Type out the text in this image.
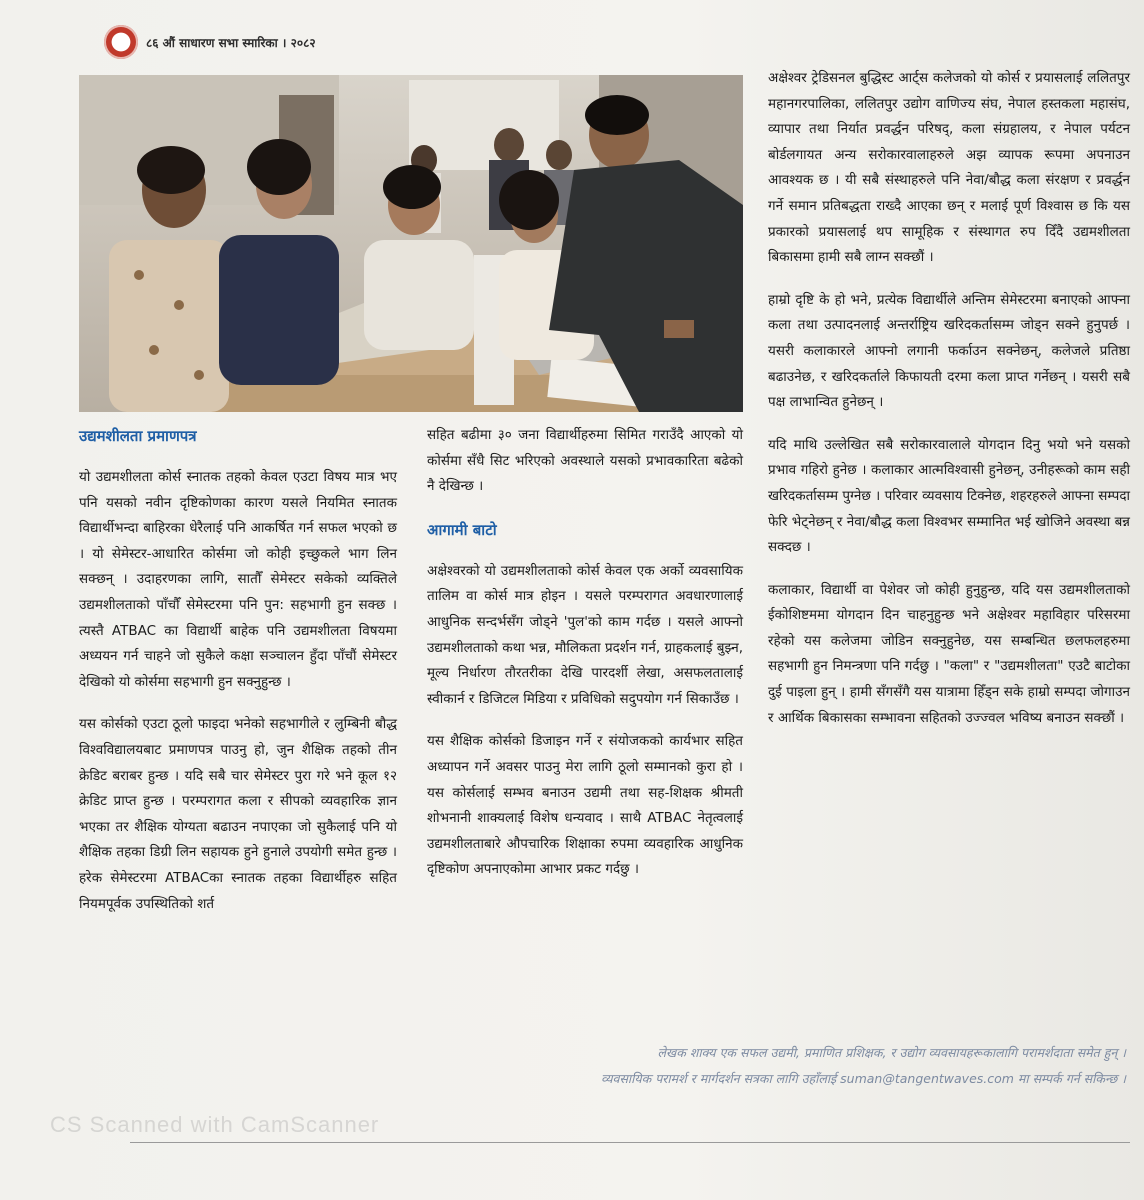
८६ औं साधारण सभा स्मारिका । २०८२
उद्यमशीलता प्रमाणपत्र

यो उद्यमशीलता कोर्स स्नातक तहको केवल एउटा विषय मात्र भए पनि यसको नवीन दृष्टिकोणका कारण यसले नियमित स्नातक विद्यार्थीभन्दा बाहिरका धेरैलाई पनि आकर्षित गर्न सफल भएको छ । यो सेमेस्टर-आधारित कोर्समा जो कोही इच्छुकले भाग लिन सक्छन् । उदाहरणका लागि, सातौँ सेमेस्टर सकेको व्यक्तिले उद्यमशीलताको पाँचौँ सेमेस्टरमा पनि पुन: सहभागी हुन सक्छ । त्यस्तै ATBAC का विद्यार्थी बाहेक पनि उद्यमशीलता विषयमा अध्ययन गर्न चाहने जो सुकैले कक्षा सञ्चालन हुँदा पाँचौं सेमेस्टर देखिको यो कोर्समा सहभागी हुन सक्नुहुन्छ ।

यस कोर्सको एउटा ठूलो फाइदा भनेको सहभागीले र लुम्बिनी बौद्ध विश्वविद्यालयबाट प्रमाणपत्र पाउनु हो, जुन शैक्षिक तहको तीन क्रेडिट बराबर हुन्छ । यदि सबै चार सेमेस्टर पुरा गरे भने कूल १२ क्रेडिट प्राप्त हुन्छ । परम्परागत कला र सीपको व्यवहारिक ज्ञान भएका तर शैक्षिक योग्यता बढाउन नपाएका जो सुकैलाई पनि यो शैक्षिक तहका डिग्री लिन सहायक हुने हुनाले उपयोगी समेत हुन्छ । हरेक सेमेस्टरमा ATBACका स्नातक तहका विद्यार्थीहरु सहित नियमपूर्वक उपस्थितिको शर्त

सहित बढीमा ३० जना विद्यार्थीहरुमा सिमित गराउँदै आएको यो कोर्समा सँधै सिट भरिएको अवस्थाले यसको प्रभावकारिता बढेको नै देखिन्छ ।

आगामी बाटो

अक्षेश्वरको यो उद्यमशीलताको कोर्स केवल एक अर्को व्यवसायिक तालिम वा कोर्स मात्र होइन । यसले परम्परागत अवधारणालाई आधुनिक सन्दर्भसँग जोड्ने 'पुल'को काम गर्दछ । यसले आफ्नो उद्यमशीलताको कथा भन्न, मौलिकता प्रदर्शन गर्न, ग्राहकलाई बुझ्न, मूल्य निर्धारण तौरतरीका देखि पारदर्शी लेखा, असफलतालाई स्वीकार्न र डिजिटल मिडिया र प्रविधिको सदुपयोग गर्न सिकाउँछ ।

यस शैक्षिक कोर्सको डिजाइन गर्ने र संयोजकको कार्यभार सहित अध्यापन गर्ने अवसर पाउनु मेरा लागि ठूलो सम्मानको कुरा हो । यस कोर्सलाई सम्भव बनाउन उद्यमी तथा सह-शिक्षक श्रीमती शोभनानी शाक्यलाई विशेष धन्यवाद । साथै ATBAC नेतृत्वलाई उद्यमशीलताबारे औपचारिक शिक्षाका रुपमा व्यवहारिक आधुनिक दृष्टिकोण अपनाएकोमा आभार प्रकट गर्दछु ।

अक्षेश्वर ट्रेडिसनल बुद्धिस्ट आर्ट्स कलेजको यो कोर्स र प्रयासलाई ललितपुर महानगरपालिका, ललितपुर उद्योग वाणिज्य संघ, नेपाल हस्तकला महासंघ, व्यापार तथा निर्यात प्रवर्द्धन परिषद्, कला संग्रहालय, र नेपाल पर्यटन बोर्डलगायत अन्य सरोकारवालाहरुले अझ व्यापक रूपमा अपनाउन आवश्यक छ । यी सबै संस्थाहरुले पनि नेवा/बौद्ध कला संरक्षण र प्रवर्द्धन गर्ने समान प्रतिबद्धता राख्दै आएका छन् र मलाई पूर्ण विश्वास छ कि यस प्रकारको प्रयासलाई थप सामूहिक र संस्थागत रुप दिँदै उद्यमशीलता बिकासमा हामी सबै लाग्न सक्छौं ।

हाम्रो दृष्टि के हो भने, प्रत्येक विद्यार्थीले अन्तिम सेमेस्टरमा बनाएको आफ्ना कला तथा उत्पादनलाई अन्तर्राष्ट्रिय खरिदकर्तासम्म जोड्न सक्ने हुनुपर्छ । यसरी कलाकारले आफ्नो लगानी फर्काउन सक्नेछन्, कलेजले प्रतिष्ठा बढाउनेछ, र खरिदकर्ताले किफायती दरमा कला प्राप्त गर्नेछन् । यसरी सबै पक्ष लाभान्वित हुनेछन् ।

यदि माथि उल्लेखित सबै सरोकारवालाले योगदान दिनु भयो भने यसको प्रभाव गहिरो हुनेछ । कलाकार आत्मविश्वासी हुनेछन्, उनीहरूको काम सही खरिदकर्तासम्म पुग्नेछ । परिवार व्यवसाय टिक्नेछ, शहरहरुले आफ्ना सम्पदा फेरि भेट्नेछन् र नेवा/बौद्ध कला विश्वभर सम्मानित भई खोजिने अवस्था बन्न सक्दछ ।

कलाकार, विद्यार्थी वा पेशेवर जो कोही हुनुहुन्छ, यदि यस उद्यमशीलताको ईकोशिष्टममा योगदान दिन चाहनुहुन्छ भने अक्षेश्वर महाविहार परिसरमा रहेको यस कलेजमा जोडिन सक्नुहुनेछ, यस सम्बन्धित छलफलहरुमा सहभागी हुन निमन्त्रणा पनि गर्दछु । "कला" र "उद्यमशीलता" एउटै बाटोका दुई पाइला हुन् । हामी सँगसँगै यस यात्रामा हिँड्न सके हाम्रो सम्पदा जोगाउन र आर्थिक बिकासका सम्भावना सहितको उज्ज्वल भविष्य बनाउन सक्छौं ।

लेखक शाक्य एक सफल उद्यमी, प्रमाणित प्रशिक्षक, र उद्योग व्यवसायहरूकालागि परामर्शदाता समेत हुन् ।
व्यवसायिक परामर्श र मार्गदर्शन सत्रका लागि उहाँलाई suman@tangentwaves.com मा सम्पर्क गर्न सकिन्छ ।
CS Scanned with CamScanner
